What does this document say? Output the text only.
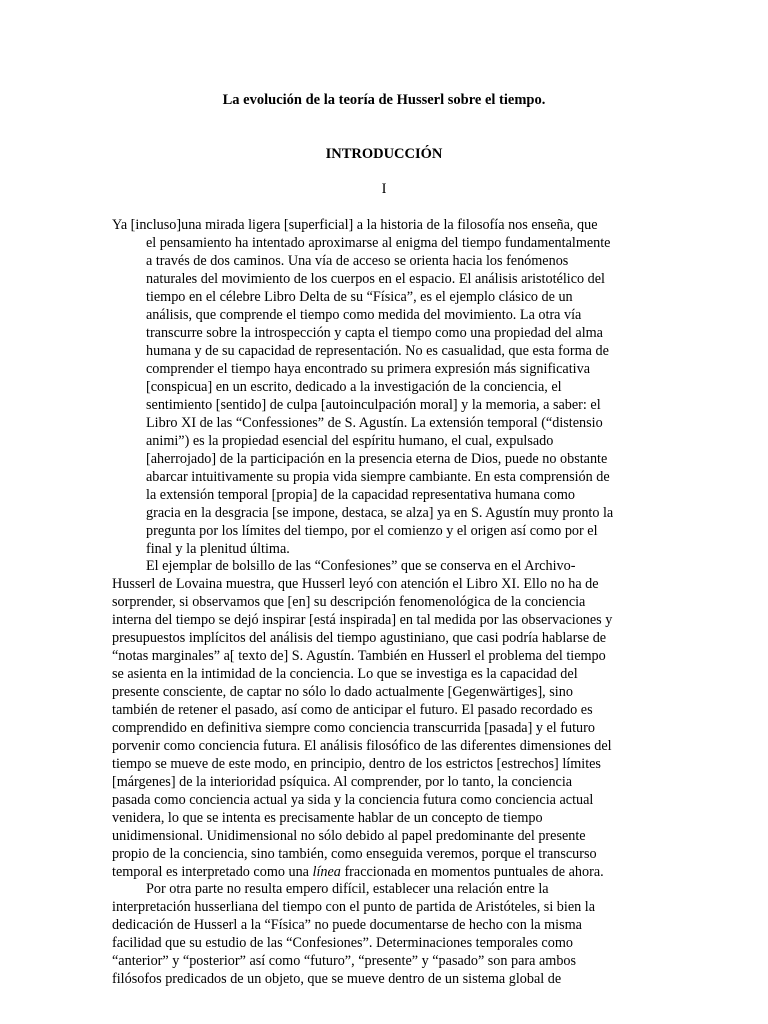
La evolución de la teoría de Husserl sobre el tiempo.
INTRODUCCIÓN
I
Ya [incluso]una mirada ligera [superficial] a la historia de la filosofía nos enseña, que
el pensamiento ha intentado aproximarse al enigma del tiempo fundamentalmente
a través de dos caminos. Una vía de acceso se orienta hacia los fenómenos
naturales del movimiento de los cuerpos en el espacio. El análisis aristotélico del
tiempo en el célebre Libro Delta de su “Física”, es el ejemplo clásico de un
análisis, que comprende el tiempo como medida del movimiento. La otra vía
transcurre sobre la introspección y capta el tiempo como una propiedad del alma
humana y de su capacidad de representación. No es casualidad, que esta forma de
comprender el tiempo haya encontrado su primera expresión más significativa
[conspicua] en un escrito, dedicado a la investigación de la conciencia, el
sentimiento [sentido] de culpa [autoinculpación moral] y la memoria, a saber: el
Libro XI de las “Confessiones” de S. Agustín. La extensión temporal (“distensio
animi”) es la propiedad esencial del espíritu humano, el cual, expulsado
[aherrojado] de la participación en la presencia eterna de Dios, puede no obstante
abarcar intuitivamente su propia vida siempre cambiante. En esta comprensión de
la extensión temporal [propia] de la capacidad representativa humana como
gracia en la desgracia [se impone, destaca, se alza] ya en S. Agustín muy pronto la
pregunta por los límites del tiempo, por el comienzo y el origen así como por el
final y la plenitud última.
El ejemplar de bolsillo de las “Confesiones” que se conserva en el Archivo-
Husserl de Lovaina muestra, que Husserl leyó con atención el Libro XI. Ello no ha de
sorprender, si observamos que [en] su descripción fenomenológica de la conciencia
interna del tiempo se dejó inspirar [está inspirada] en tal medida por las observaciones y
presupuestos implícitos del análisis del tiempo agustiniano, que casi podría hablarse de
“notas marginales” a[ texto de] S. Agustín. También en Husserl el problema del tiempo
se asienta en la intimidad de la conciencia. Lo que se investiga es la capacidad del
presente consciente, de captar no sólo lo dado actualmente [Gegenwärtiges], sino
también de retener el pasado, así como de anticipar el futuro. El pasado recordado es
comprendido en definitiva siempre como conciencia transcurrida [pasada] y el futuro
porvenir como conciencia futura. El análisis filosófico de las diferentes dimensiones del
tiempo se mueve de este modo, en principio, dentro de los estrictos [estrechos] límites
[márgenes] de la interioridad psíquica. Al comprender, por lo tanto, la conciencia
pasada como conciencia actual ya sida y la conciencia futura como conciencia actual
venidera, lo que se intenta es precisamente hablar de un concepto de tiempo
unidimensional. Unidimensional no sólo debido al papel predominante del presente
propio de la conciencia, sino también, como enseguida veremos, porque el transcurso
temporal es interpretado como una línea fraccionada en momentos puntuales de ahora.
Por otra parte no resulta empero difícil, establecer una relación entre la
interpretación husserliana del tiempo con el punto de partida de Aristóteles, si bien la
dedicación de Husserl a la “Física” no puede documentarse de hecho con la misma
facilidad que su estudio de las “Confesiones”. Determinaciones temporales como
“anterior” y “posterior” así como “futuro”, “presente” y “pasado” son para ambos
filósofos predicados de un objeto, que se mueve dentro de un sistema global de
